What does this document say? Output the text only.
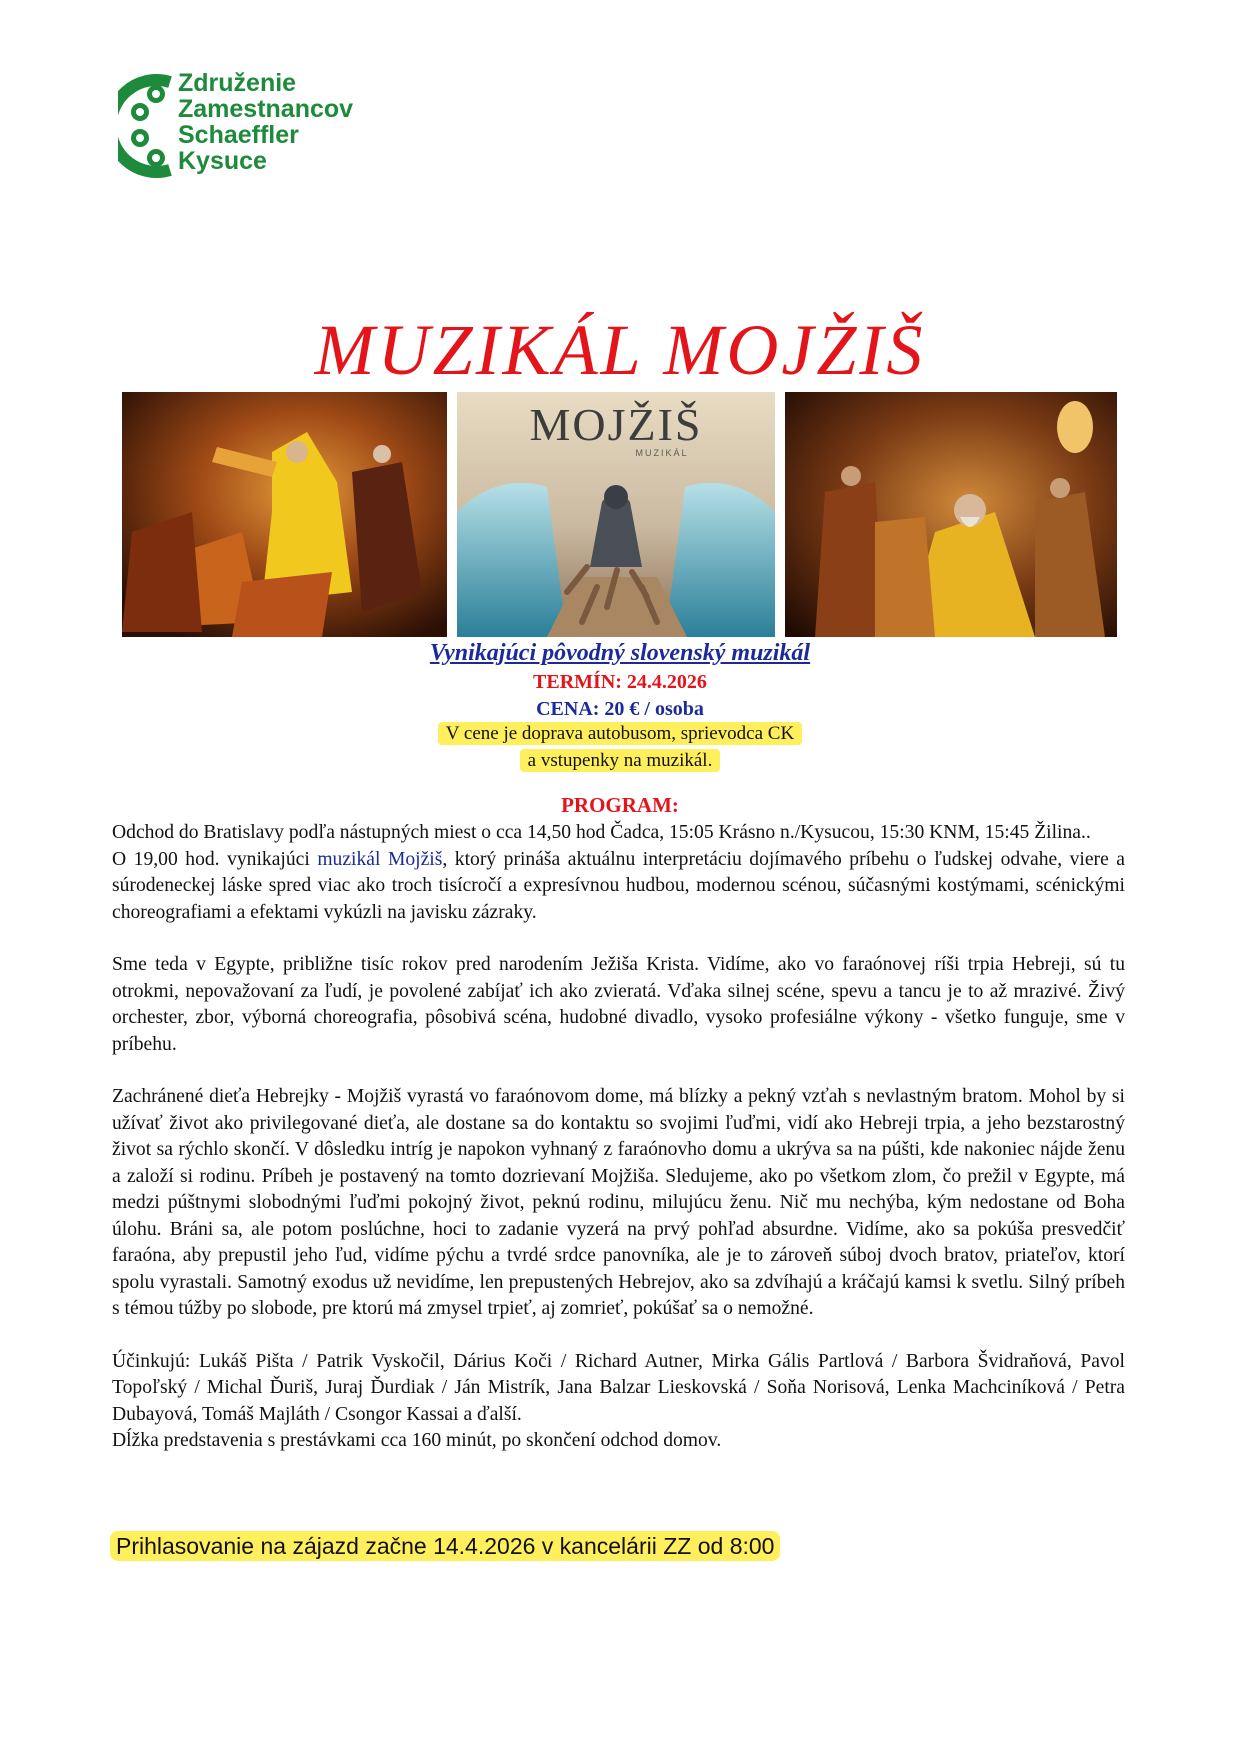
Združenie
Zamestnancov
Schaeffler
Kysuce
MUZIKÁL MOJŽIŠ
MOJŽIŠ
MUZIKÁL
Vynikajúci pôvodný slovenský muzikál
TERMÍN: 24.4.2026
CENA: 20 € / osoba
V cene je doprava autobusom, sprievodca CK
a vstupenky na muzikál.
PROGRAM:

Odchod do Bratislavy podľa nástupných miest o cca 14,50 hod Čadca, 15:05 Krásno n./Kysucou, 15:30 KNM, 15:45 Žilina..

O 19,00 hod. vynikajúci muzikál Mojžiš, ktorý prináša aktuálnu interpretáciu dojímavého príbehu o ľudskej odvahe, viere a súrodeneckej láske spred viac ako troch tisícročí a expresívnou hudbou, modernou scénou, súčasnými kostýmami, scénickými choreografiami a efektami vykúzli na javisku zázraky.

Sme teda v Egypte, približne tisíc rokov pred narodením Ježiša Krista. Vidíme, ako vo faraónovej ríši trpia Hebreji, sú tu otrokmi, nepovažovaní za ľudí, je povolené zabíjať ich ako zvieratá. Vďaka silnej scéne, spevu a tancu je to až mrazivé. Živý orchester, zbor, výborná choreografia, pôsobivá scéna, hudobné divadlo, vysoko profesiálne výkony - všetko funguje, sme v príbehu.

Zachránené dieťa Hebrejky - Mojžiš vyrastá vo faraónovom dome, má blízky a pekný vzťah s nevlastným bratom. Mohol by si užívať život ako privilegované dieťa, ale dostane sa do kontaktu so svojimi ľuďmi, vidí ako Hebreji trpia, a jeho bezstarostný život sa rýchlo skončí. V dôsledku intríg je napokon vyhnaný z faraónovho domu a ukrýva sa na púšti, kde nakoniec nájde ženu a založí si rodinu. Príbeh je postavený na tomto dozrievaní Mojžiša. Sledujeme, ako po všetkom zlom, čo prežil v Egypte, má medzi púštnymi slobodnými ľuďmi pokojný život, peknú rodinu, milujúcu ženu. Nič mu nechýba, kým nedostane od Boha úlohu. Bráni sa, ale potom poslúchne, hoci to zadanie vyzerá na prvý pohľad absurdne. Vidíme, ako sa pokúša presvedčiť faraóna, aby prepustil jeho ľud, vidíme pýchu a tvrdé srdce panovníka, ale je to zároveň súboj dvoch bratov, priateľov, ktorí spolu vyrastali. Samotný exodus už nevidíme, len prepustených Hebrejov, ako sa zdvíhajú a kráčajú kamsi k svetlu. Silný príbeh s témou túžby po slobode, pre ktorú má zmysel trpieť, aj zomrieť, pokúšať sa o nemožné.

Účinkujú: Lukáš Pišta / Patrik Vyskočil, Dárius Koči / Richard Autner, Mirka Gális Partlová / Barbora Švidraňová, Pavol Topoľský / Michal Ďuriš, Juraj Ďurdiak / Ján Mistrík, Jana Balzar Lieskovská / Soňa Norisová, Lenka Machciníková / Petra Dubayová, Tomáš Majláth / Csongor Kassai a ďalší.

Dĺžka predstavenia s prestávkami cca 160 minút, po skončení odchod domov.

Prihlasovanie na zájazd začne 14.4.2026 v kancelárii ZZ od 8:00
